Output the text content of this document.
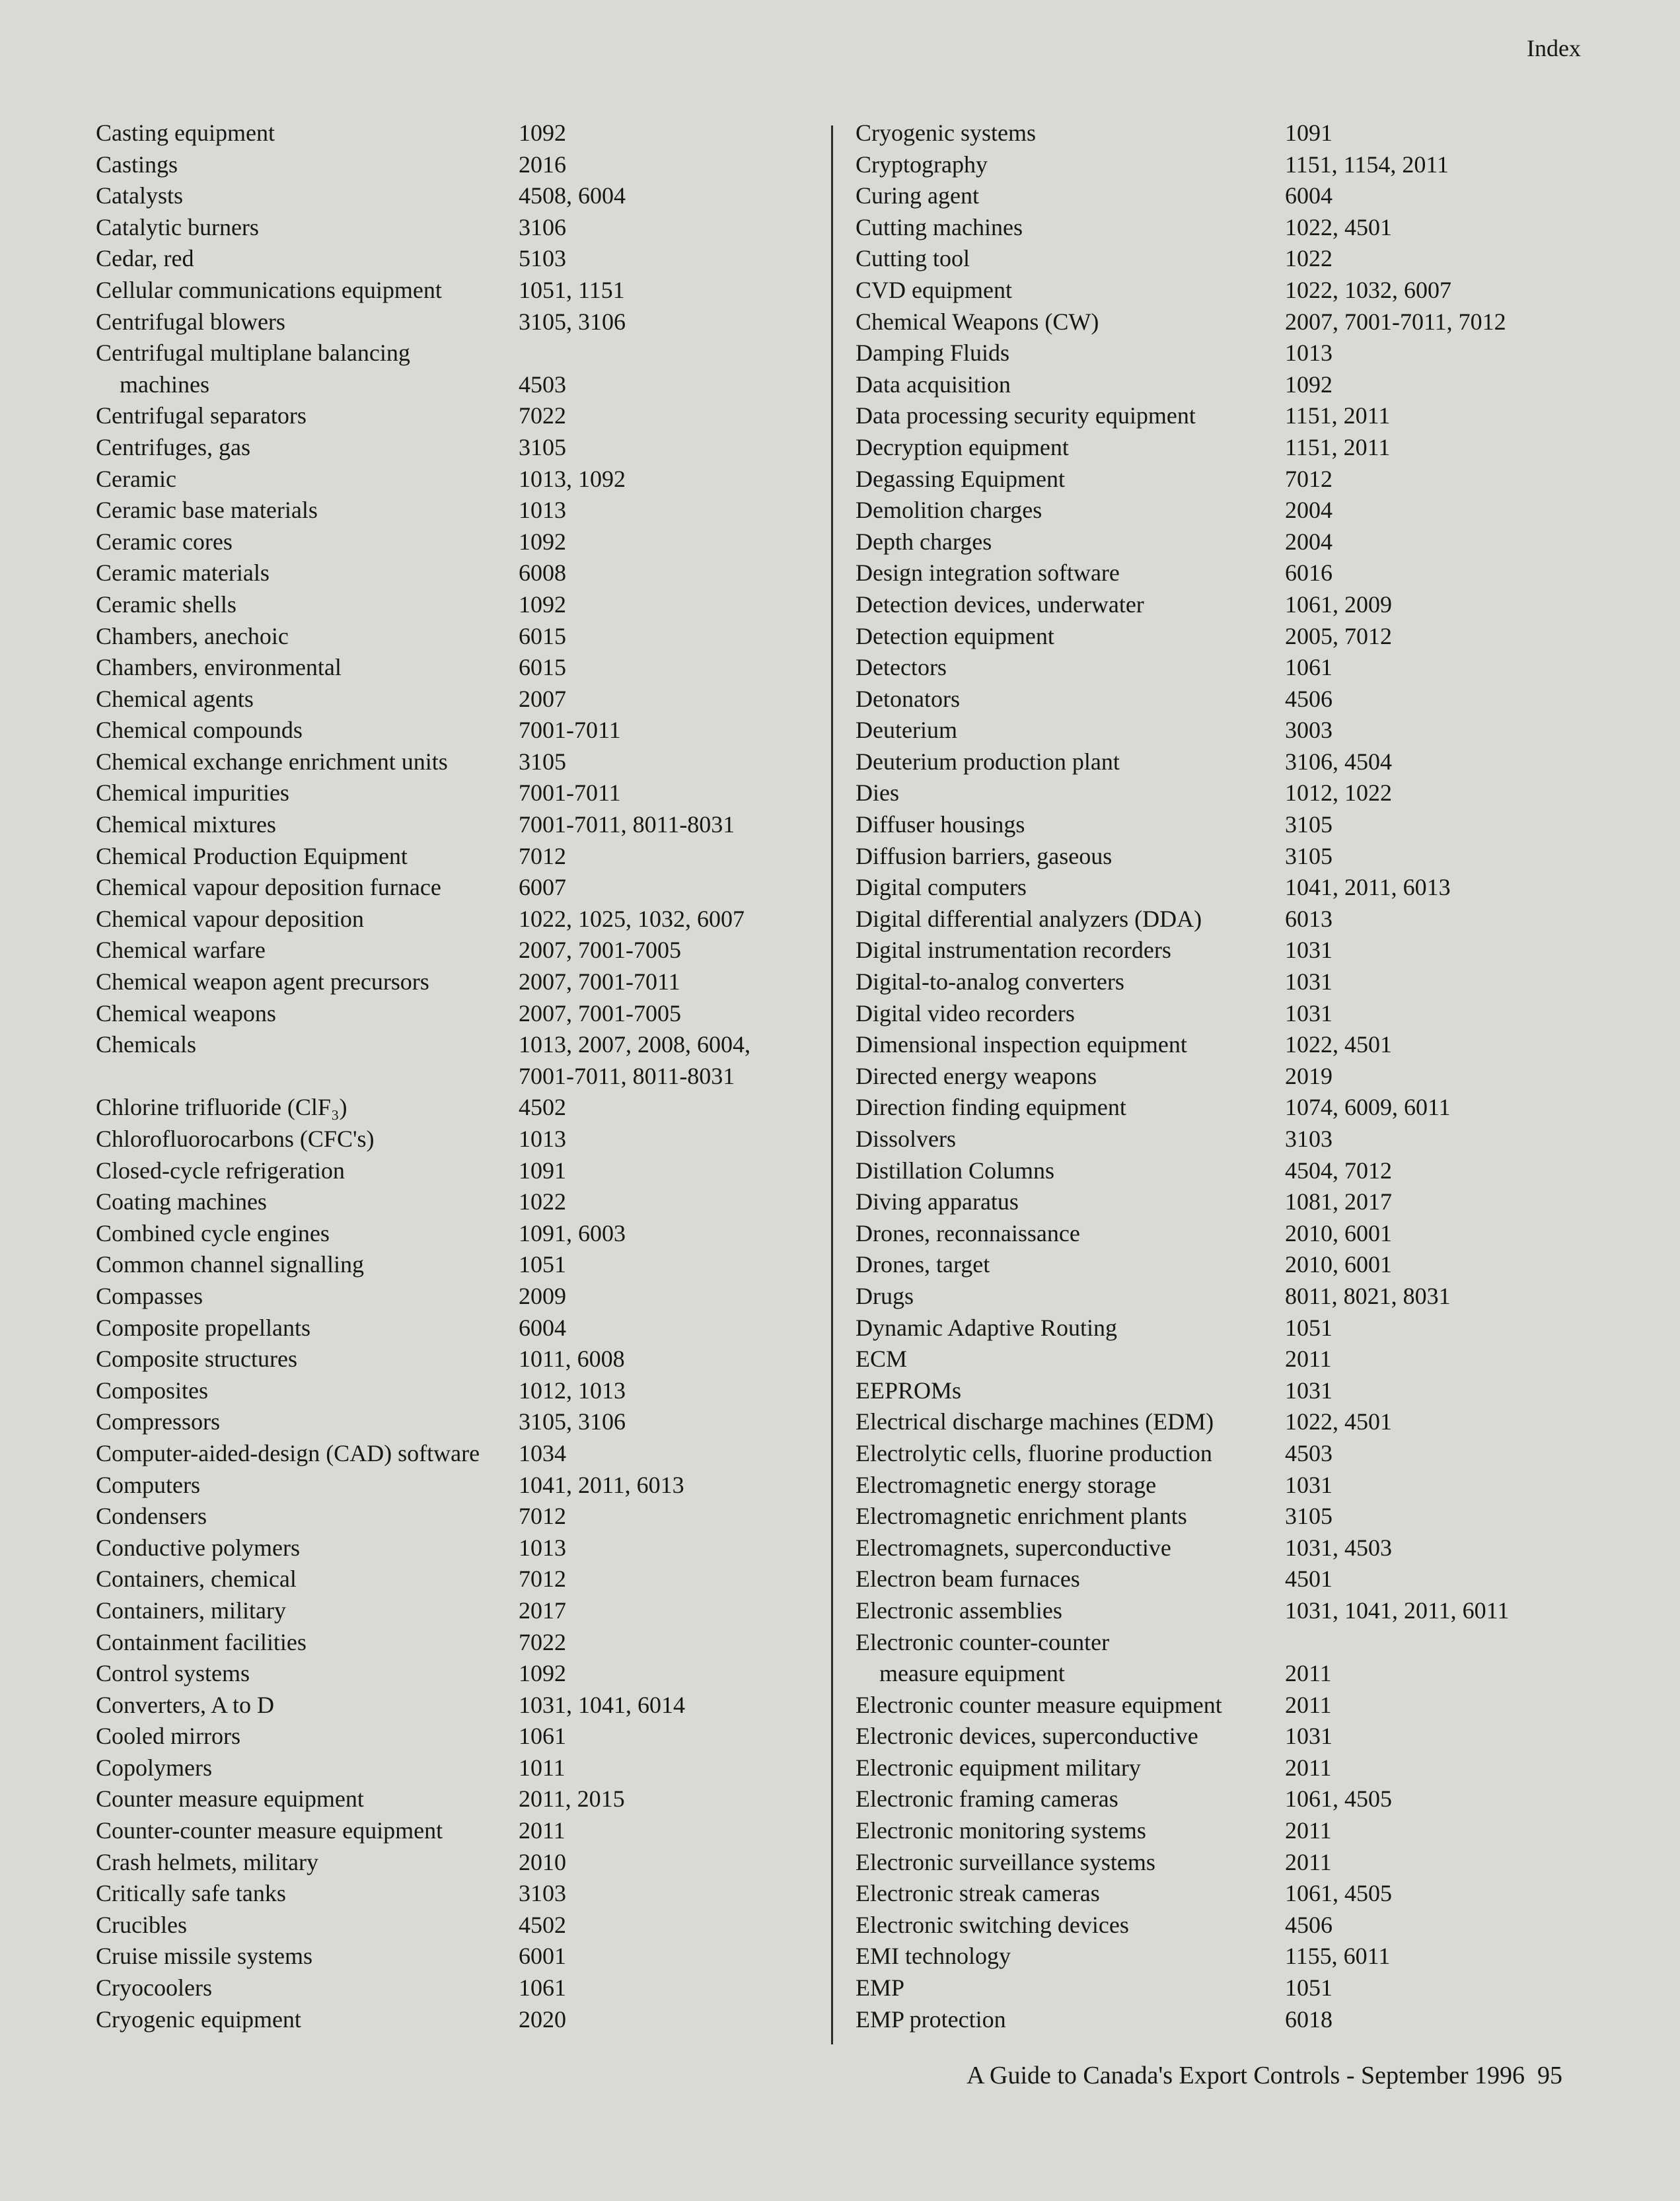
Index
Casting equipment	1092
Castings	2016
Catalysts	4508, 6004
Catalytic burners	3106
Cedar, red	5103
Cellular communications equipment	1051, 1151
Centrifugal blowers	3105, 3106
Centrifugal multiplane balancing
machines	4503
Centrifugal separators	7022
Centrifuges, gas	3105
Ceramic	1013, 1092
Ceramic base materials	1013
Ceramic cores	1092
Ceramic materials	6008
Ceramic shells	1092
Chambers, anechoic	6015
Chambers, environmental	6015
Chemical agents	2007
Chemical compounds	7001-7011
Chemical exchange enrichment units	3105
Chemical impurities	7001-7011
Chemical mixtures	7001-7011, 8011-8031
Chemical Production Equipment	7012
Chemical vapour deposition furnace	6007
Chemical vapour deposition	1022, 1025, 1032, 6007
Chemical warfare	2007, 7001-7005
Chemical weapon agent precursors	2007, 7001-7011
Chemical weapons	2007, 7001-7005
Chemicals	1013, 2007, 2008, 6004,
7001-7011, 8011-8031
Chlorine trifluoride (ClF₃)	4502
Chlorofluorocarbons (CFC's)	1013
Closed-cycle refrigeration	1091
Coating machines	1022
Combined cycle engines	1091, 6003
Common channel signalling	1051
Compasses	2009
Composite propellants	6004
Composite structures	1011, 6008
Composites	1012, 1013
Compressors	3105, 3106
Computer-aided-design (CAD) software	1034
Computers	1041, 2011, 6013
Condensers	7012
Conductive polymers	1013
Containers, chemical	7012
Containers, military	2017
Containment facilities	7022
Control systems	1092
Converters, A to D	1031, 1041, 6014
Cooled mirrors	1061
Copolymers	1011
Counter measure equipment	2011, 2015
Counter-counter measure equipment	2011
Crash helmets, military	2010
Critically safe tanks	3103
Crucibles	4502
Cruise missile systems	6001
Cryocoolers	1061
Cryogenic equipment	2020
Cryogenic systems	1091
Cryptography	1151, 1154, 2011
Curing agent	6004
Cutting machines	1022, 4501
Cutting tool	1022
CVD equipment	1022, 1032, 6007
Chemical Weapons (CW)	2007, 7001-7011, 7012
Damping Fluids	1013
Data acquisition	1092
Data processing security equipment	1151, 2011
Decryption equipment	1151, 2011
Degassing Equipment	7012
Demolition charges	2004
Depth charges	2004
Design integration software	6016
Detection devices, underwater	1061, 2009
Detection equipment	2005, 7012
Detectors	1061
Detonators	4506
Deuterium	3003
Deuterium production plant	3106, 4504
Dies	1012, 1022
Diffuser housings	3105
Diffusion barriers, gaseous	3105
Digital computers	1041, 2011, 6013
Digital differential analyzers (DDA)	6013
Digital instrumentation recorders	1031
Digital-to-analog converters	1031
Digital video recorders	1031
Dimensional inspection equipment	1022, 4501
Directed energy weapons	2019
Direction finding equipment	1074, 6009, 6011
Dissolvers	3103
Distillation Columns	4504, 7012
Diving apparatus	1081, 2017
Drones, reconnaissance	2010, 6001
Drones, target	2010, 6001
Drugs	8011, 8021, 8031
Dynamic Adaptive Routing	1051
ECM	2011
EEPROMs	1031
Electrical discharge machines (EDM)	1022, 4501
Electrolytic cells, fluorine production	4503
Electromagnetic energy storage	1031
Electromagnetic enrichment plants	3105
Electromagnets, superconductive	1031, 4503
Electron beam furnaces	4501
Electronic assemblies	1031, 1041, 2011, 6011
Electronic counter-counter
measure equipment	2011
Electronic counter measure equipment	2011
Electronic devices, superconductive	1031
Electronic equipment military	2011
Electronic framing cameras	1061, 4505
Electronic monitoring systems	2011
Electronic surveillance systems	2011
Electronic streak cameras	1061, 4505
Electronic switching devices	4506
EMI technology	1155, 6011
EMP	1051
EMP protection	6018
A Guide to Canada's Export Controls - September 1996 95
